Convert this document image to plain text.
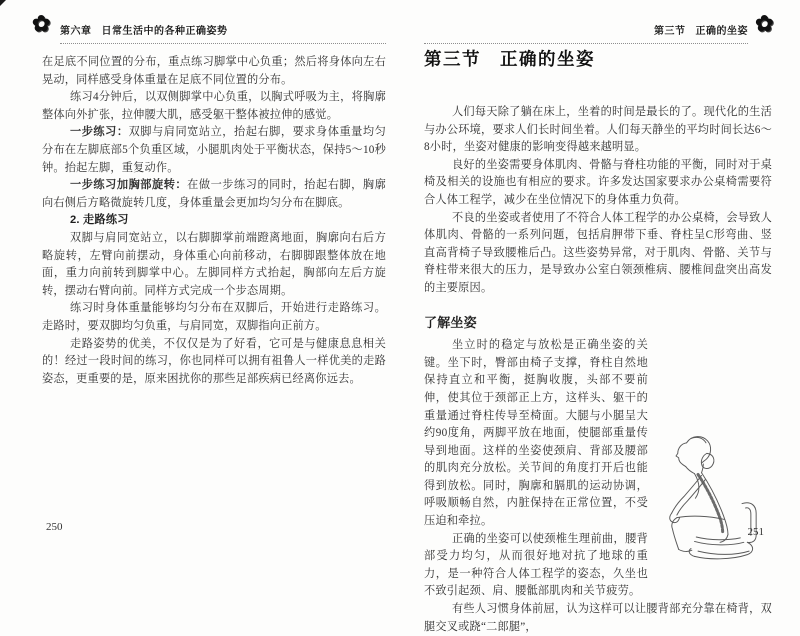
✿ 第六章 日常生活中的各种正确姿势

在足底不同位置的分布，重点练习脚掌中心负重；然后将身体向左右晃动，同样感受身体重量在足底不同位置的分布。

练习4分钟后，以双侧脚掌中心负重，以胸式呼吸为主，将胸廓整体向外扩张，拉伸腰大肌，感受躯干整体被拉伸的感觉。

一步练习：双脚与肩同宽站立，抬起右脚，要求身体重量均匀分布在左脚底部5个负重区域，小腿肌肉处于平衡状态，保持5～10秒钟。抬起左脚，重复动作。

一步练习加胸部旋转：在做一步练习的同时，抬起右脚，胸廓向右侧后方略微旋转几度，身体重量会更加均匀分布在脚底。

2. 走路练习

双脚与肩同宽站立，以右脚脚掌前端蹬离地面，胸廓向右后方略旋转，左臂向前摆动，身体重心向前移动，右脚脚跟整体放在地面，重力向前转到脚掌中心。左脚同样方式抬起，胸部向左后方旋转，摆动右臂向前。同样方式完成一个步态周期。

练习时身体重量能够均匀分布在双脚后，开始进行走路练习。走路时，要双脚均匀负重，与肩同宽，双脚指向正前方。

走路姿势的优美，不仅仅是为了好看，它可是与健康息息相关的！经过一段时间的练习，你也同样可以拥有祖鲁人一样优美的走路姿态，更重要的是，原来困扰你的那些足部疾病已经离你远去。

250
第三节 正确的坐姿 ✿
第三节　正确的坐姿

人们每天除了躺在床上，坐着的时间是最长的了。现代化的生活与办公环境，要求人们长时间坐着。人们每天静坐的平均时间长达6～8小时，坐姿对健康的影响变得越来越明显。

良好的坐姿需要身体肌肉、骨骼与脊柱功能的平衡，同时对于桌椅及相关的设施也有相应的要求。许多发达国家要求办公桌椅需要符合人体工程学，减少在坐位情况下的身体重力负荷。

不良的坐姿或者使用了不符合人体工程学的办公桌椅，会导致人体肌肉、骨骼的一系列问题，包括肩胛带下垂、脊柱呈C形弯曲、竖直高背椅子导致腰椎后凸。这些姿势异常，对于肌肉、骨骼、关节与脊柱带来很大的压力，是导致办公室白领颈椎病、腰椎间盘突出高发的主要原因。

了解坐姿

坐立时的稳定与放松是正确坐姿的关键。坐下时，臀部由椅子支撑，脊柱自然地保持直立和平衡，挺胸收腹，头部不要前伸，使其位于颈部正上方，这样头、躯干的重量通过脊柱传导至椅面。大腿与小腿呈大约90度角，两脚平放在地面，使腿部重量传导到地面。这样的坐姿使颈肩、背部及腰部的肌肉充分放松。关节间的角度打开后也能得到放松。同时，胸廓和膈肌的运动协调，呼吸顺畅自然，内脏保持在正常位置，不受压迫和牵拉。

正确的坐姿可以使颈椎生理前曲，腰背部受力均匀，从而很好地对抗了地球的重力，是一种符合人体工程学的姿态，久坐也不致引起颈、肩、腰骶部肌肉和关节疲劳。

有些人习惯身体前屈，认为这样可以让腰背部充分靠在椅背，双腿交叉或跷“二郎腿”，

251
